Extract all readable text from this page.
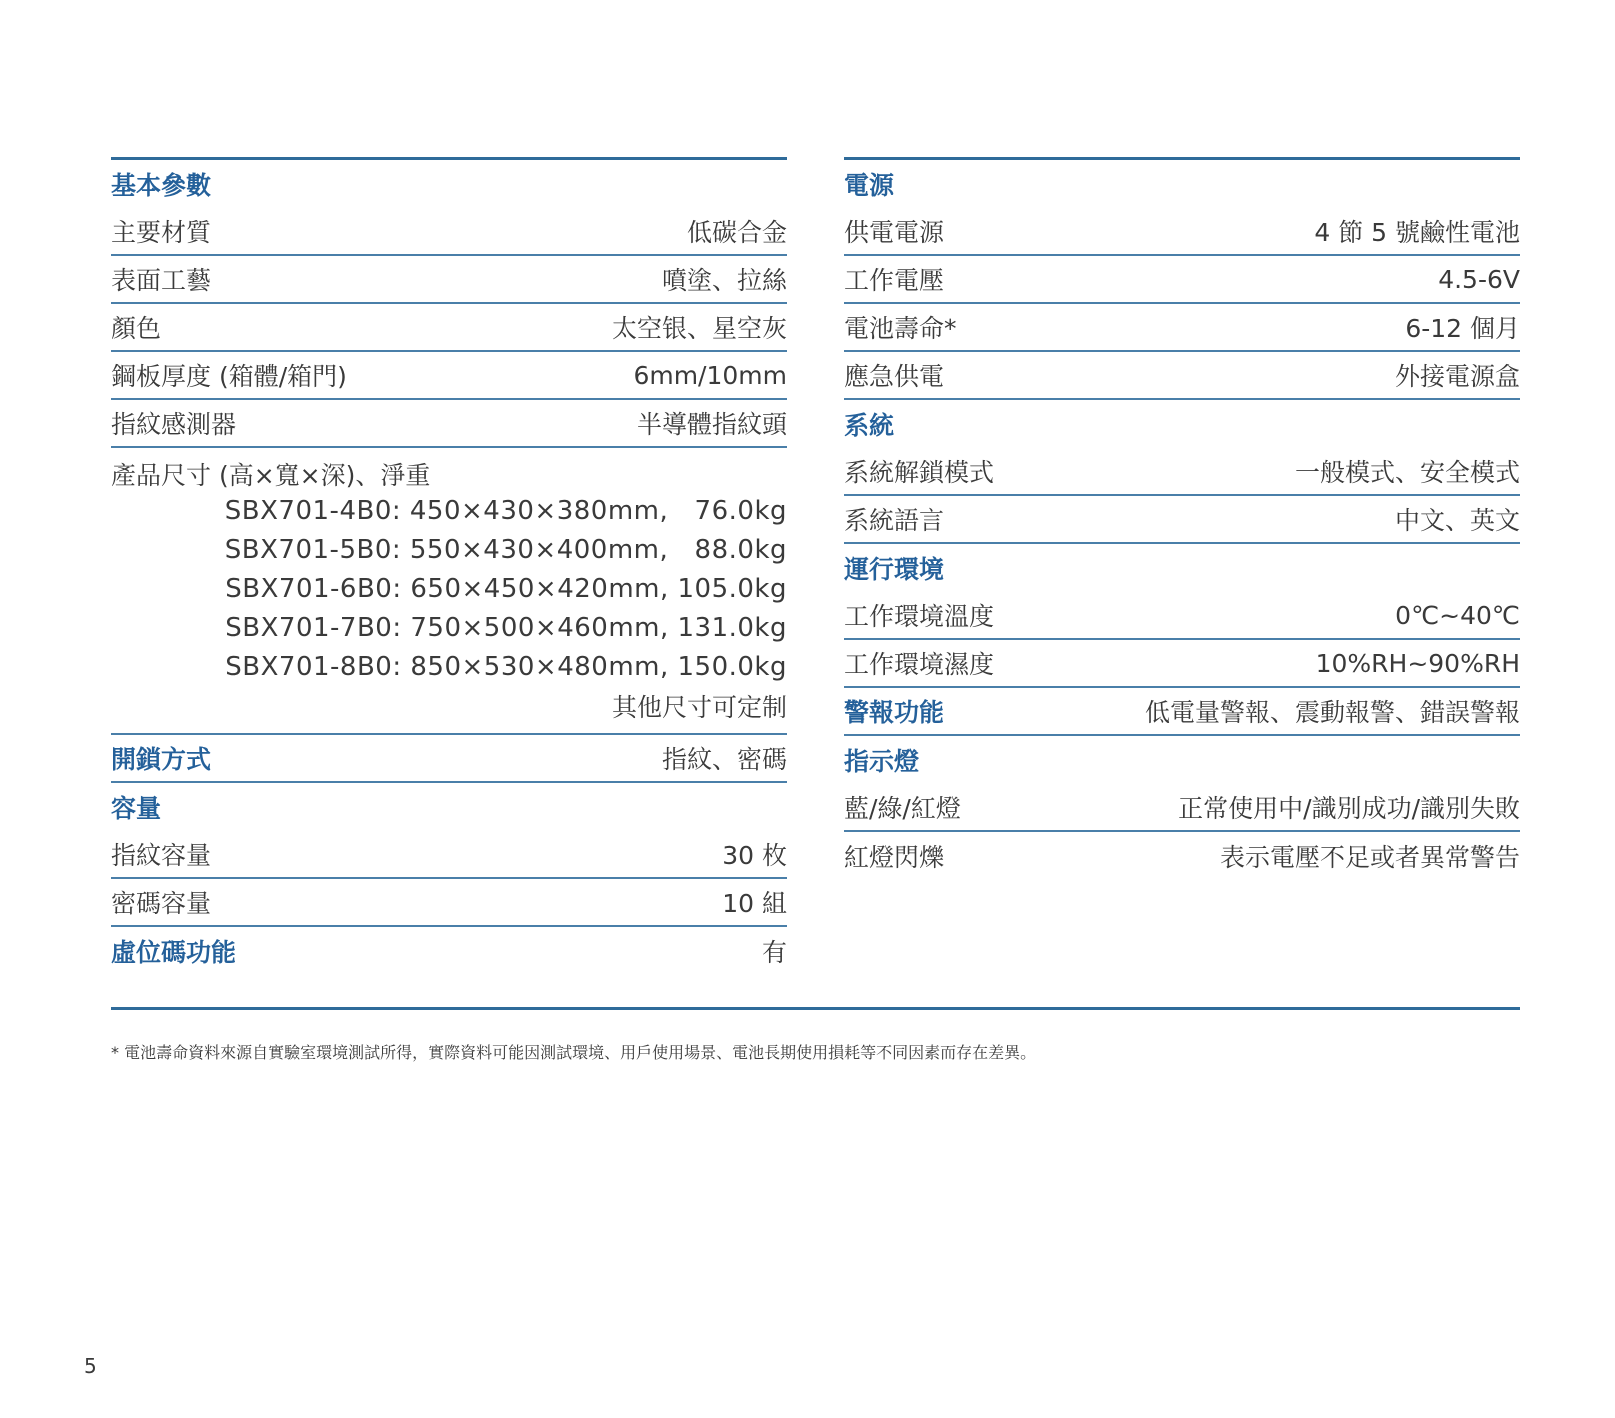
基本參數
主要材質	低碳合金
表面工藝	噴塗、拉絲
顏色	太空银、星空灰
鋼板厚度 (箱體/箱門)	6mm/10mm
指紋感測器	半導體指紋頭
產品尺寸 (高×寬×深)、淨重
SBX701-4B0: 450×430×380mm,   76.0kg
SBX701-5B0: 550×430×400mm,   88.0kg
SBX701-6B0: 650×450×420mm, 105.0kg
SBX701-7B0: 750×500×460mm, 131.0kg
SBX701-8B0: 850×530×480mm, 150.0kg
其他尺寸可定制
開鎖方式	指紋、密碼
容量
指紋容量	30 枚
密碼容量	10 組
虛位碼功能	有
電源
供電電源	4 節 5 號鹼性電池
工作電壓	4.5-6V
電池壽命*	6-12 個月
應急供電	外接電源盒
系統
系統解鎖模式	一般模式、安全模式
系統語言	中文、英文
運行環境
工作環境溫度	0℃~40℃
工作環境濕度	10%RH~90%RH
警報功能	低電量警報、震動報警、錯誤警報
指示燈
藍/綠/紅燈	正常使用中/識別成功/識別失敗
紅燈閃爍	表示電壓不足或者異常警告
* 電池壽命資料來源自實驗室環境測試所得，實際資料可能因測試環境、用戶使用場景、電池長期使用損耗等不同因素而存在差異。
5
